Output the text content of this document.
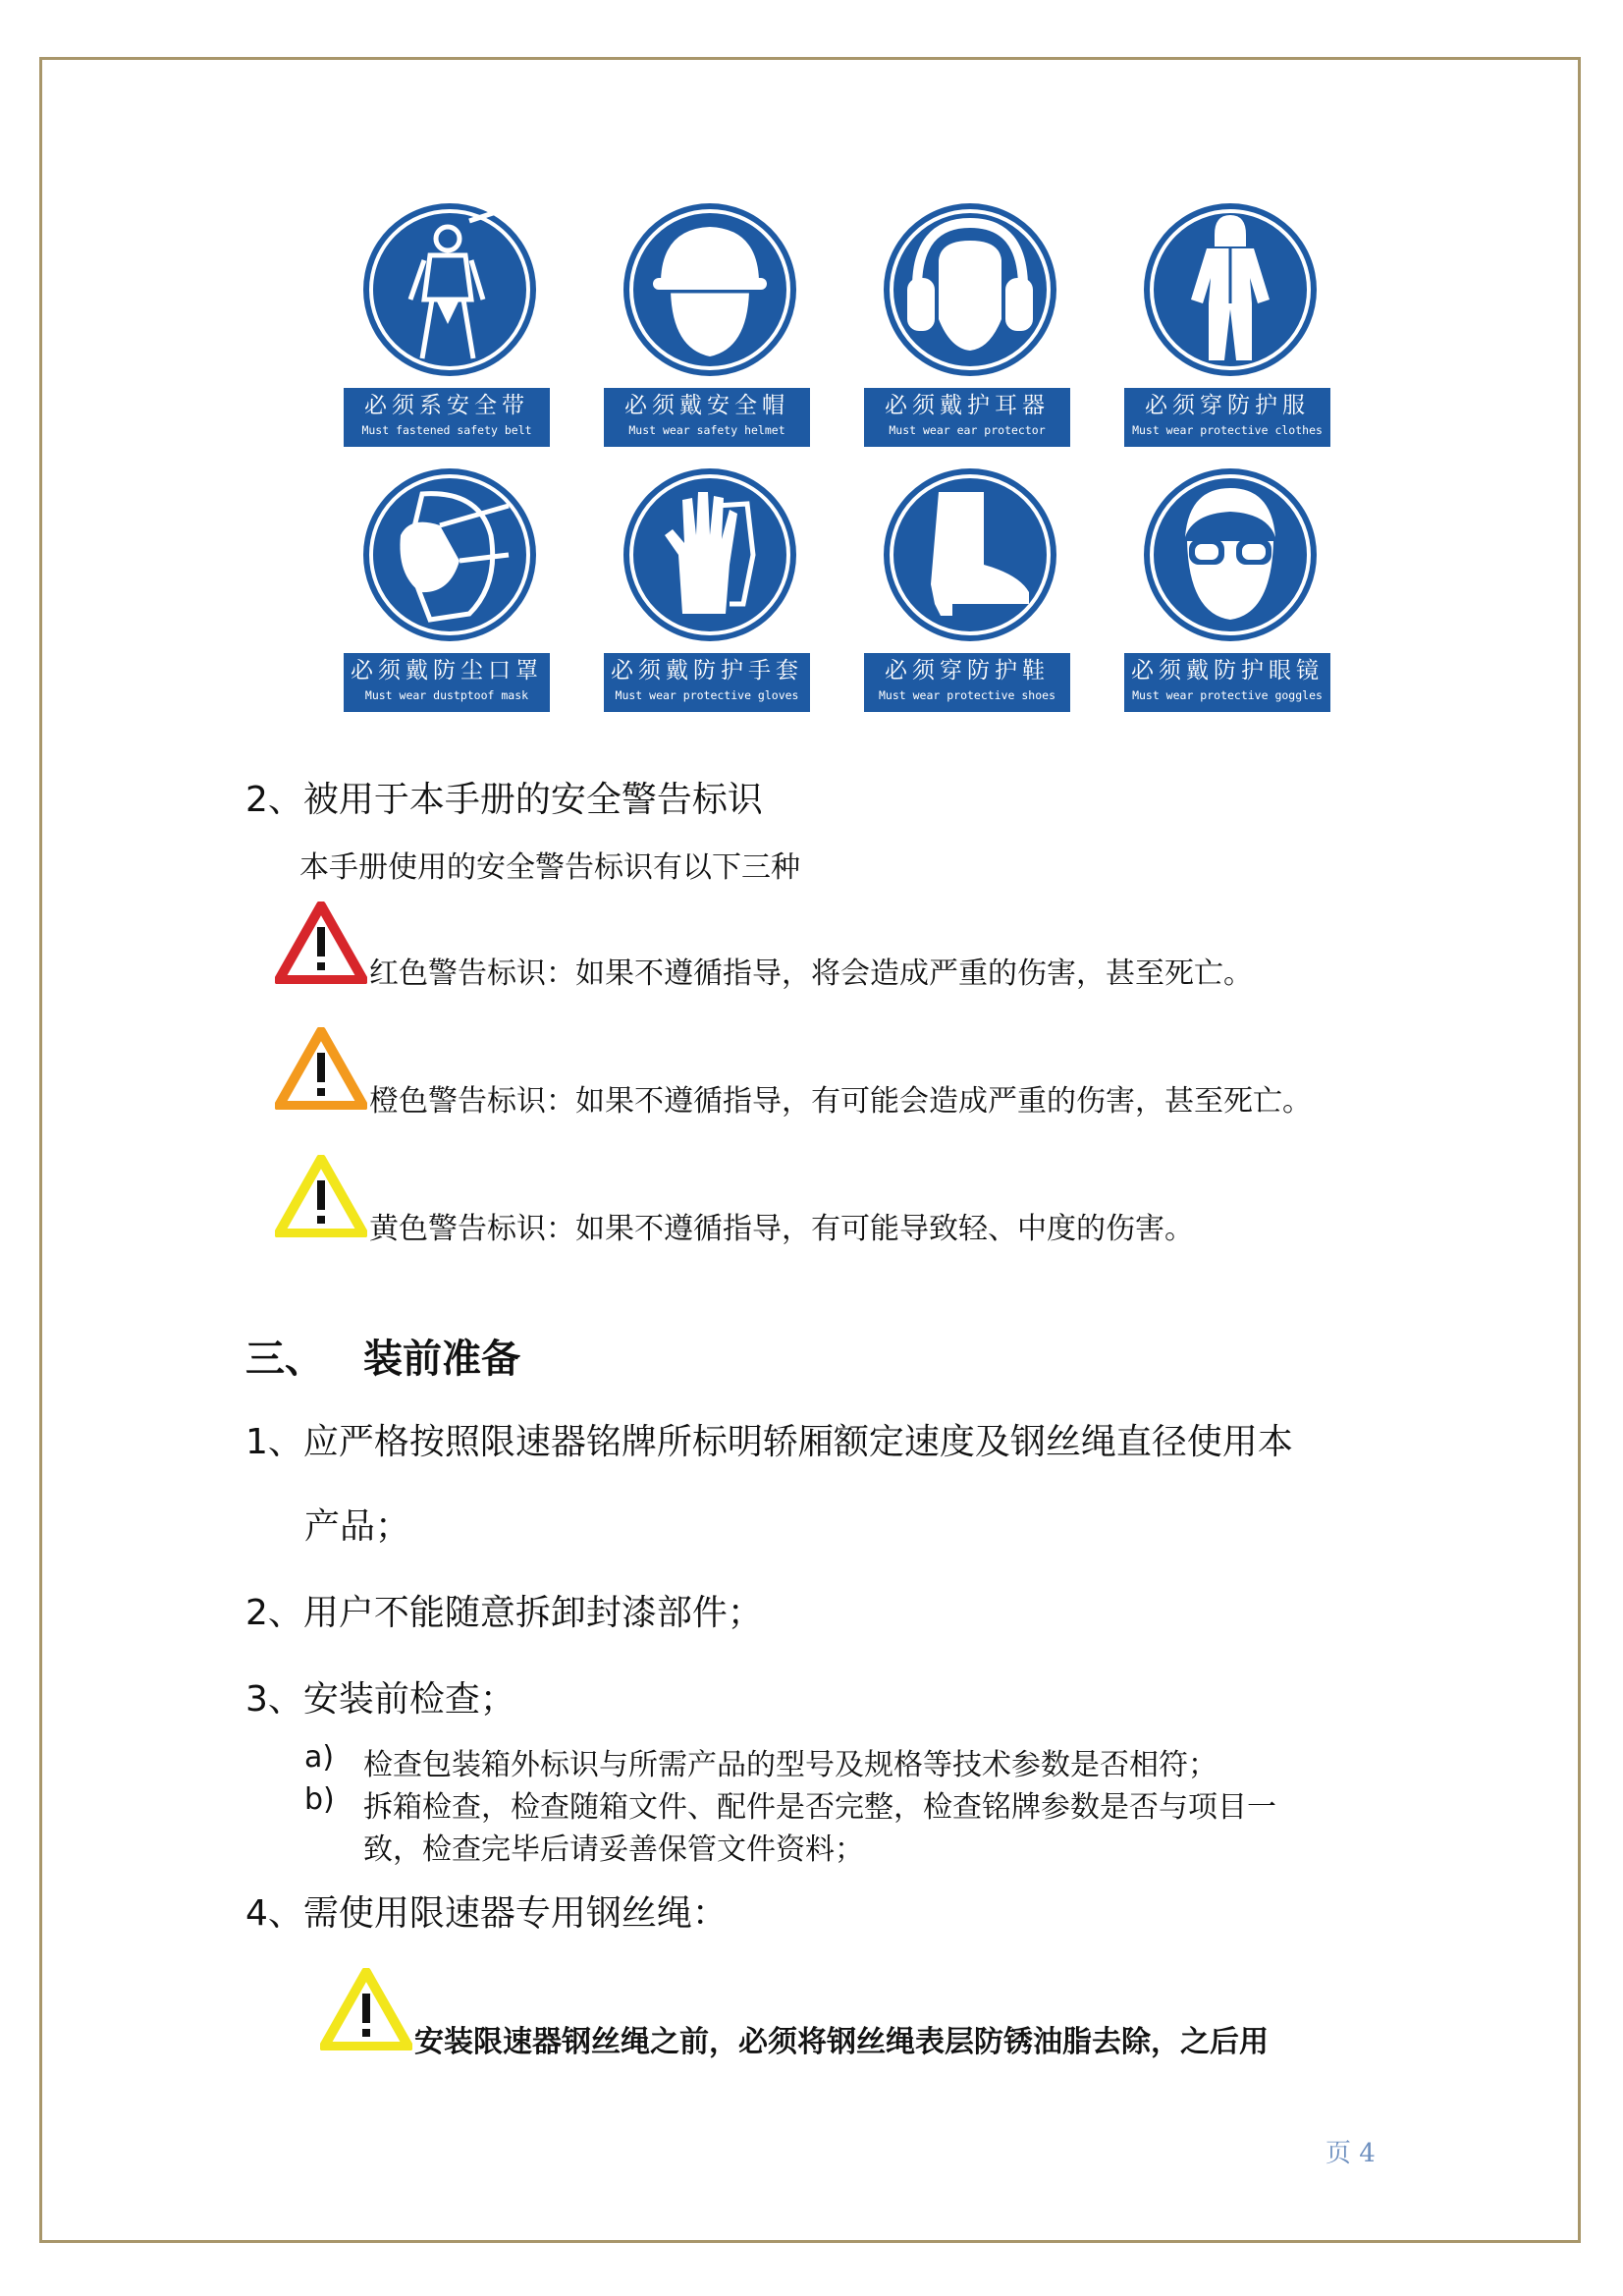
必须系安全带
Must fastened safety belt
必须戴安全帽
Must wear safety helmet
必须戴护耳器
Must wear ear protector
必须穿防护服
Must wear protective clothes
必须戴防尘口罩
Must wear dustptoof mask
必须戴防护手套
Must wear protective gloves
必须穿防护鞋
Must wear protective shoes
必须戴防护眼镜
Must wear protective goggles
2、被用于本手册的安全警告标识
本手册使用的安全警告标识有以下三种
红色警告标识：如果不遵循指导，将会造成严重的伤害，甚至死亡。
橙色警告标识：如果不遵循指导，有可能会造成严重的伤害，甚至死亡。
黄色警告标识：如果不遵循指导，有可能导致轻、中度的伤害。
三、 装前准备
1、应严格按照限速器铭牌所标明轿厢额定速度及钢丝绳直径使用本
产品；
2、用户不能随意拆卸封漆部件；
3、安装前检查；
a) 检查包装箱外标识与所需产品的型号及规格等技术参数是否相符；
b) 拆箱检查，检查随箱文件、配件是否完整，检查铭牌参数是否与项目一
致，检查完毕后请妥善保管文件资料；
4、需使用限速器专用钢丝绳：
安装限速器钢丝绳之前，必须将钢丝绳表层防锈油脂去除，之后用
页 4
